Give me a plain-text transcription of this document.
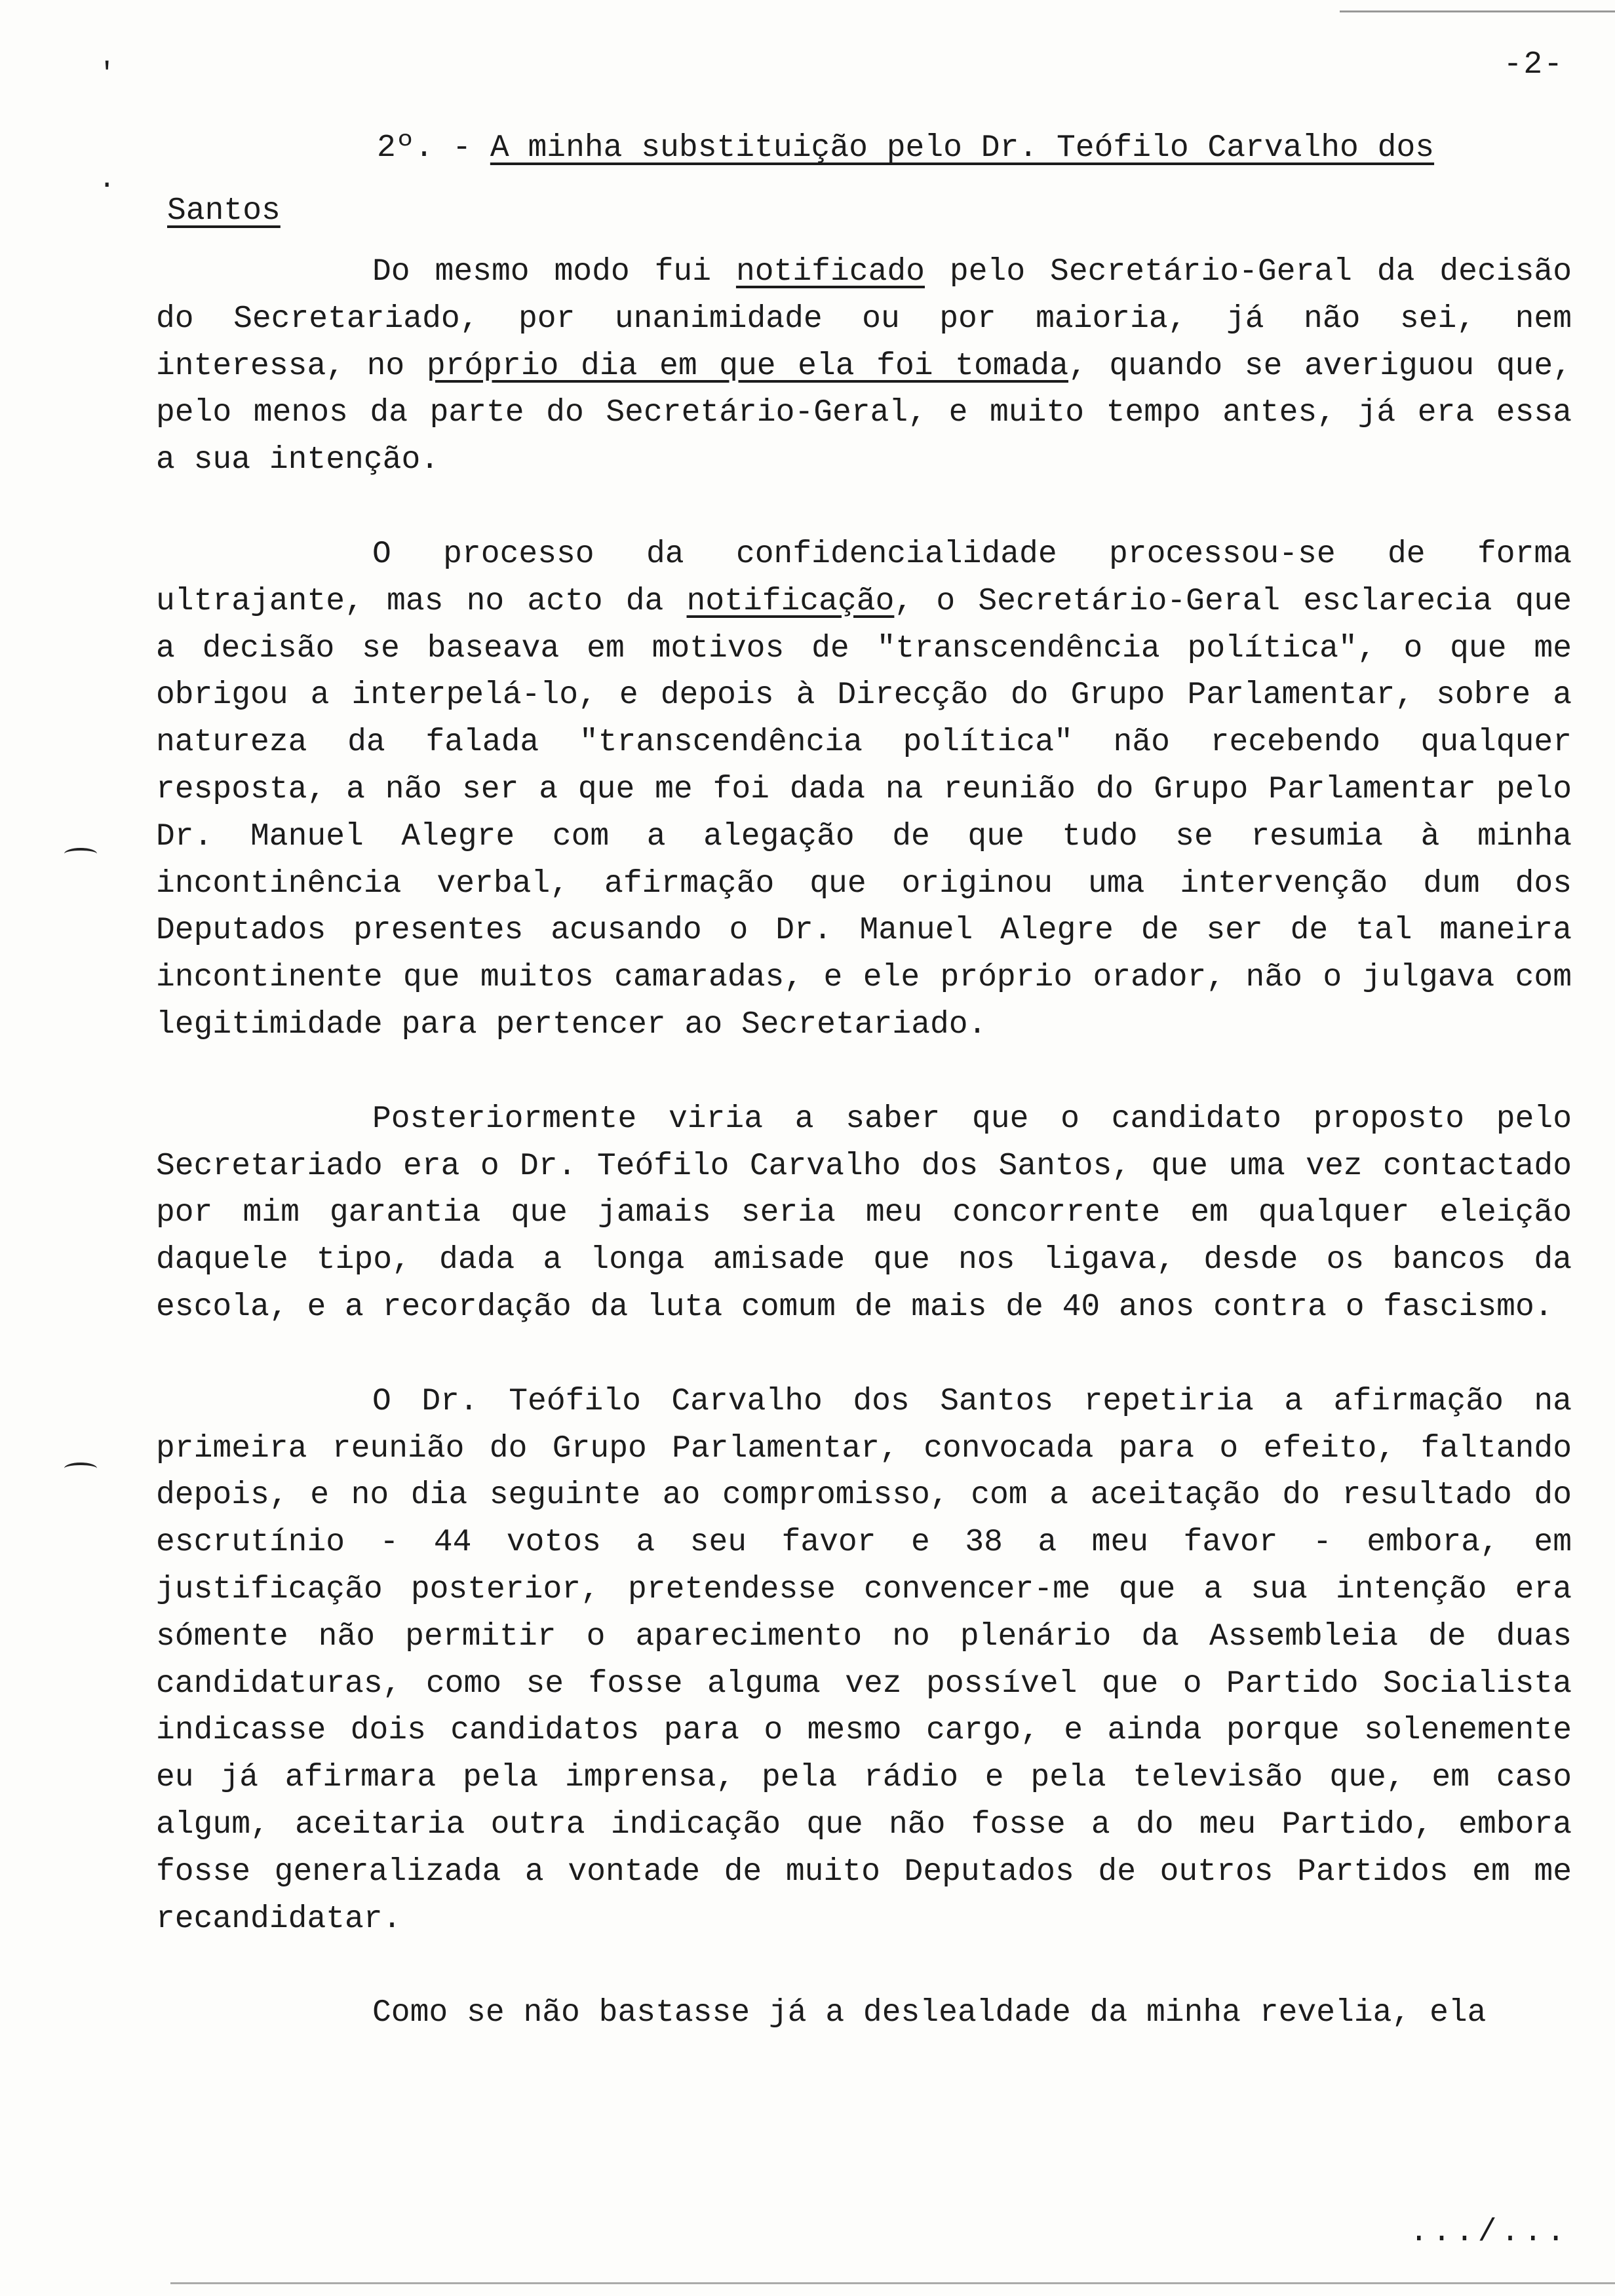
'
·
-2-
2º. - A minha substituição pelo Dr. Teófilo Carvalho dos
Santos

Do mesmo modo fui notificado pelo Secretário-Geral da decisão do Secretariado, por unanimidade ou por maioria, já não sei, nem interessa, no próprio dia em que ela foi tomada, quando se averiguou que, pelo menos da parte do Secretário-Geral, e muito tempo antes, já era essa a sua intenção.

O processo da confidencialidade processou-se de forma ultrajante, mas no acto da notificação, o Secretário-Geral esclarecia que a decisão se baseava em motivos de "transcendência política", o que me obrigou a interpelá-lo, e depois à Direcção do Grupo Parlamentar, sobre a natureza da falada "transcendência política" não recebendo qualquer resposta, a não ser a que me foi dada na reunião do Grupo Parlamentar pelo Dr. Manuel Alegre com a alegação de que tudo se resumia à minha incontinência verbal, afirmação que originou uma intervenção dum dos Deputados presentes acusando o Dr. Manuel Alegre de ser de tal maneira incontinente que muitos camaradas, e ele próprio orador, não o julgava com legitimidade para pertencer ao Secretariado.

Posteriormente viria a saber que o candidato proposto pelo Secretariado era o Dr. Teófilo Carvalho dos Santos, que uma vez contactado por mim garantia que jamais seria meu concorrente em qualquer eleição daquele tipo, dada a longa amisade que nos ligava, desde os bancos da escola, e a recordação da luta comum de mais de 40 anos contra o fascismo.

O Dr. Teófilo Carvalho dos Santos repetiria a afirmação na primeira reunião do Grupo Parlamentar, convocada para o efeito, faltando depois, e no dia seguinte ao compromisso, com a aceitação do resultado do escrutínio - 44 votos a seu favor e 38 a meu favor - embora, em justificação posterior, pretendesse convencer-me que a sua intenção era sómente não permitir o aparecimento no plenário da Assembleia de duas candidaturas, como se fosse alguma vez possível que o Partido Socialista indicasse dois candidatos para o mesmo cargo, e ainda porque solenemente eu já afirmara pela imprensa, pela rádio e pela televisão que, em caso algum, aceitaria outra indicação que não fosse a do meu Partido, embora fosse generalizada a vontade de muito Deputados de outros Partidos em me recandidatar.

Como se não bastasse já a deslealdade da minha revelia, ela

.../...
